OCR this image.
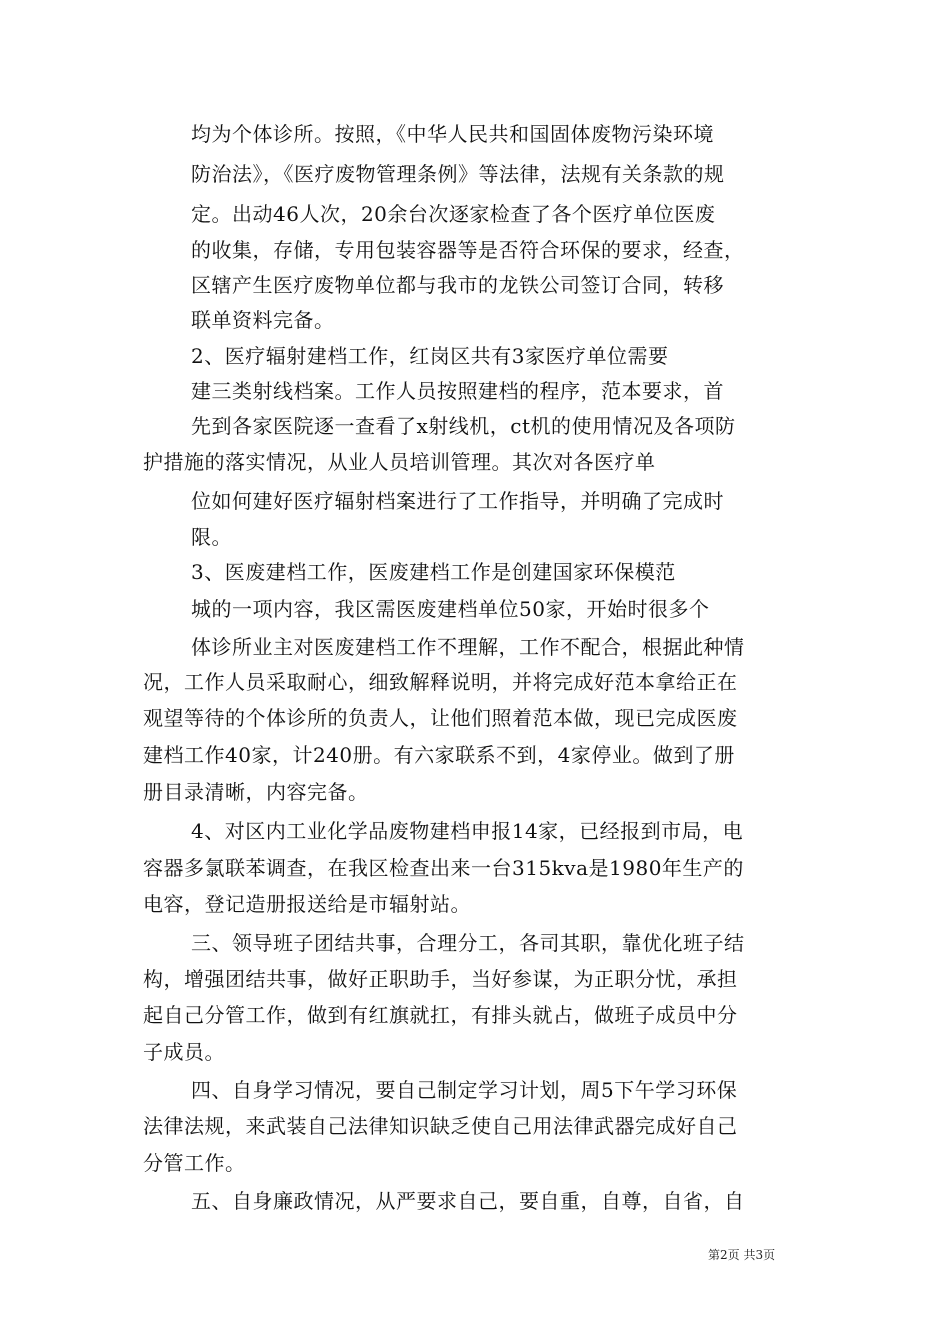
均为个体诊所。按照，《中华人民共和国固体废物污染环境
防治法》，《医疗废物管理条例》等法律，法规有关条款的规
定。出动46人次，20余台次逐家检查了各个医疗单位医废
的收集，存储，专用包装容器等是否符合环保的要求，经查，
区辖产生医疗废物单位都与我市的龙铁公司签订合同，转移
联单资料完备。
2、医疗辐射建档工作，红岗区共有3家医疗单位需要
建三类射线档案。工作人员按照建档的程序，范本要求，首
先到各家医院逐一查看了x射线机，ct机的使用情况及各项防
护措施的落实情况，从业人员培训管理。其次对各医疗单
位如何建好医疗辐射档案进行了工作指导，并明确了完成时
限。
3、医废建档工作，医废建档工作是创建国家环保模范
城的一项内容，我区需医废建档单位50家，开始时很多个
体诊所业主对医废建档工作不理解，工作不配合，根据此种情
况，工作人员采取耐心，细致解释说明，并将完成好范本拿给正在
观望等待的个体诊所的负责人，让他们照着范本做，现已完成医废
建档工作40家，计240册。有六家联系不到，4家停业。做到了册
册目录清晰，内容完备。
4、对区内工业化学品废物建档申报14家，已经报到市局，电
容器多氯联苯调查，在我区检查出来一台315kva是1980年生产的
电容，登记造册报送给是市辐射站。
三、领导班子团结共事，合理分工，各司其职，靠优化班子结
构，增强团结共事，做好正职助手，当好参谋，为正职分忧，承担
起自己分管工作，做到有红旗就扛，有排头就占，做班子成员中分
子成员。
四、自身学习情况，要自己制定学习计划，周5下午学习环保
法律法规，来武装自己法律知识缺乏使自己用法律武器完成好自己
分管工作。
五、自身廉政情况，从严要求自己，要自重，自尊，自省，自
第2页 共3页
